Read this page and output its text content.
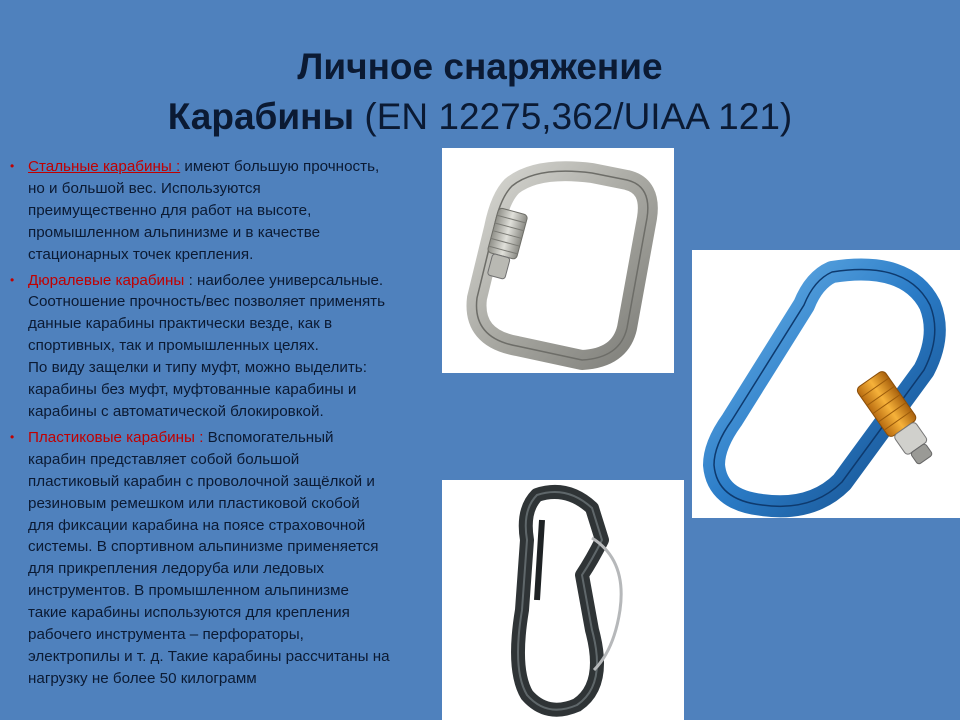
Личное снаряжение
Карабины (EN 12275,362/UIAA 121)
• Стальные карабины : имеют большую прочность,
но и большой вес. Используются
преимущественно для работ на высоте,
промышленном альпинизме и в качестве
стационарных точек крепления.
• Дюралевые карабины : наиболее универсальные.
Соотношение прочность/вес позволяет применять
данные карабины практически везде, как в
спортивных, так и промышленных целях.
По виду защелки и типу муфт, можно выделить:
карабины без муфт, муфтованные карабины и
карабины с автоматической блокировкой.
• Пластиковые карабины : Вспомогательный
карабин представляет собой большой
пластиковый карабин с проволочной защёлкой и
резиновым ремешком или пластиковой скобой
для фиксации карабина на поясе страховочной
системы. В спортивном альпинизме применяется
для прикрепления ледоруба или ледовых
инструментов. В промышленном альпинизме
такие карабины используются для крепления
рабочего инструмента – перфораторы,
электропилы и т. д. Такие карабины рассчитаны на
нагрузку не более 50 килограмм
